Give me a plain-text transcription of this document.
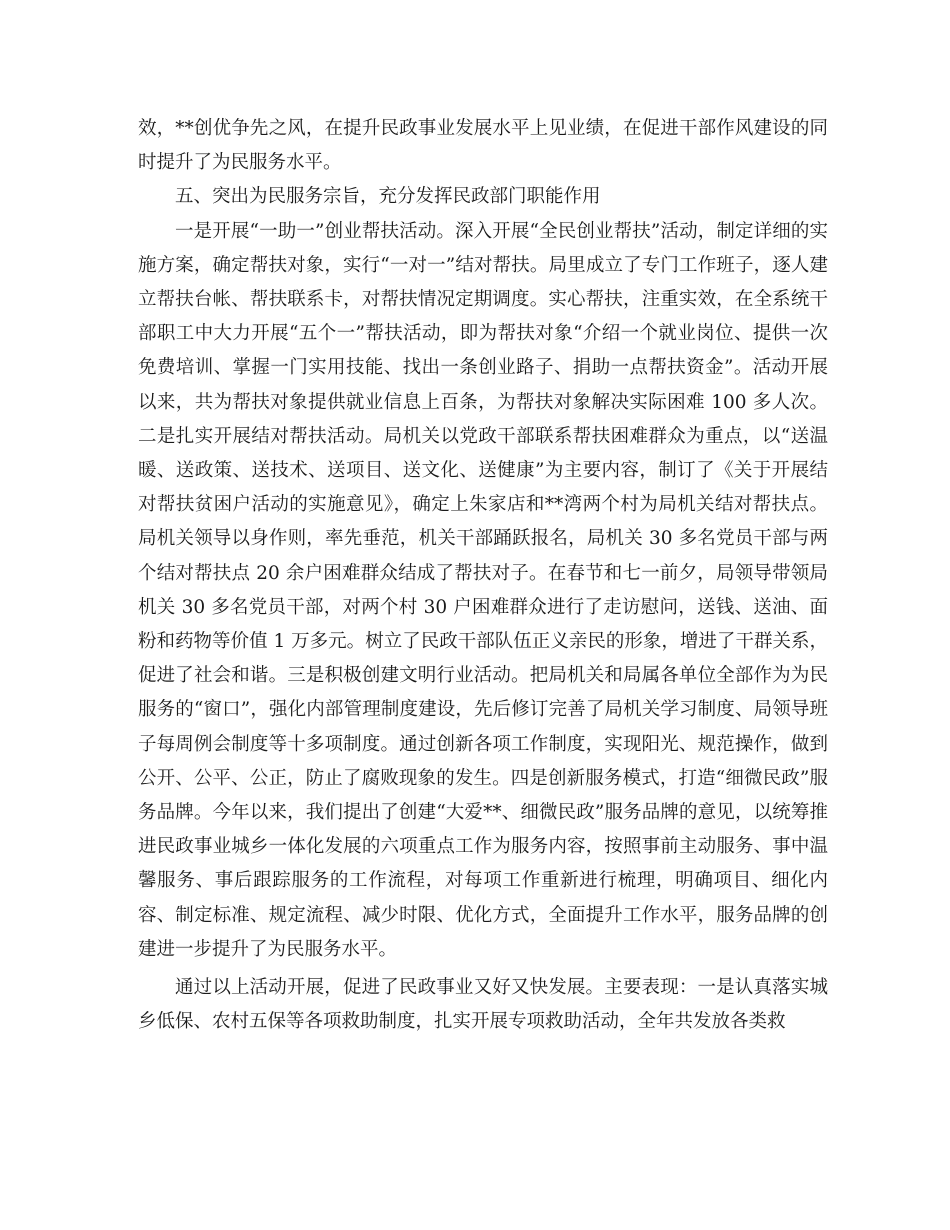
效，**创优争先之风，在提升民政事业发展水平上见业绩，在促进干部作风建设的同时提升了为民服务水平。

五、突出为民服务宗旨，充分发挥民政部门职能作用

一是开展“一助一”创业帮扶活动。深入开展“全民创业帮扶”活动，制定详细的实施方案，确定帮扶对象，实行“一对一”结对帮扶。局里成立了专门工作班子，逐人建立帮扶台帐、帮扶联系卡，对帮扶情况定期调度。实心帮扶，注重实效，在全系统干部职工中大力开展“五个一”帮扶活动，即为帮扶对象“介绍一个就业岗位、提供一次免费培训、掌握一门实用技能、找出一条创业路子、捐助一点帮扶资金”。活动开展以来，共为帮扶对象提供就业信息上百条，为帮扶对象解决实际困难 100 多人次。二是扎实开展结对帮扶活动。局机关以党政干部联系帮扶困难群众为重点，以“送温暖、送政策、送技术、送项目、送文化、送健康”为主要内容，制订了《关于开展结对帮扶贫困户活动的实施意见》，确定上朱家店和**湾两个村为局机关结对帮扶点。局机关领导以身作则，率先垂范，机关干部踊跃报名，局机关 30 多名党员干部与两个结对帮扶点 20 余户困难群众结成了帮扶对子。在春节和七一前夕，局领导带领局机关 30 多名党员干部，对两个村 30 户困难群众进行了走访慰问，送钱、送油、面粉和药物等价值 1 万多元。树立了民政干部队伍正义亲民的形象，增进了干群关系，促进了社会和谐。三是积极创建文明行业活动。把局机关和局属各单位全部作为为民服务的“窗口”，强化内部管理制度建设，先后修订完善了局机关学习制度、局领导班子每周例会制度等十多项制度。通过创新各项工作制度，实现阳光、规范操作，做到公开、公平、公正，防止了腐败现象的发生。四是创新服务模式，打造“细微民政”服务品牌。今年以来，我们提出了创建“大爱**、细微民政”服务品牌的意见，以统筹推进民政事业城乡一体化发展的六项重点工作为服务内容，按照事前主动服务、事中温馨服务、事后跟踪服务的工作流程，对每项工作重新进行梳理，明确项目、细化内容、制定标准、规定流程、减少时限、优化方式，全面提升工作水平，服务品牌的创建进一步提升了为民服务水平。

通过以上活动开展，促进了民政事业又好又快发展。主要表现：一是认真落实城乡低保、农村五保等各项救助制度，扎实开展专项救助活动，全年共发放各类救
